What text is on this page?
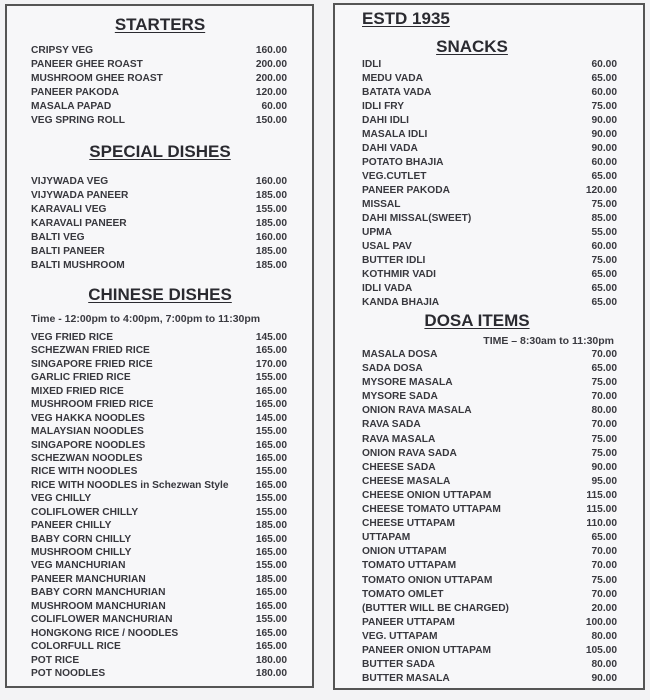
STARTERS
CRIPSY VEG	160.00
PANEER GHEE ROAST	200.00
MUSHROOM GHEE ROAST	200.00
PANEER PAKODA	120.00
MASALA PAPAD	60.00
VEG SPRING ROLL	150.00
SPECIAL DISHES
VIJYWADA VEG	160.00
VIJYWADA PANEER	185.00
KARAVALI VEG	155.00
KARAVALI PANEER	185.00
BALTI VEG	160.00
BALTI PANEER	185.00
BALTI MUSHROOM	185.00
CHINESE DISHES
Time - 12:00pm to 4:00pm, 7:00pm to 11:30pm
VEG FRIED RICE	145.00
SCHEZWAN FRIED RICE	165.00
SINGAPORE FRIED RICE	170.00
GARLIC FRIED RICE	155.00
MIXED FRIED RICE	165.00
MUSHROOM FRIED RICE	165.00
VEG HAKKA NOODLES	145.00
MALAYSIAN NOODLES	155.00
SINGAPORE NOODLES	165.00
SCHEZWAN NOODLES	165.00
RICE WITH NOODLES	155.00
RICE WITH NOODLES in Schezwan Style	165.00
VEG CHILLY	155.00
COLIFLOWER CHILLY	155.00
PANEER CHILLY	185.00
BABY CORN CHILLY	165.00
MUSHROOM CHILLY	165.00
VEG MANCHURIAN	155.00
PANEER MANCHURIAN	185.00
BABY CORN MANCHURIAN	165.00
MUSHROOM MANCHURIAN	165.00
COLIFLOWER MANCHURIAN	155.00
HONGKONG RICE / NOODLES	165.00
COLORFULL RICE	165.00
POT RICE	180.00
POT NOODLES	180.00
ESTD 1935
SNACKS
IDLI	60.00
MEDU VADA	65.00
BATATA VADA	60.00
IDLI FRY	75.00
DAHI IDLI	90.00
MASALA IDLI	90.00
DAHI VADA	90.00
POTATO BHAJIA	60.00
VEG.CUTLET	65.00
PANEER PAKODA	120.00
MISSAL	75.00
DAHI MISSAL(SWEET)	85.00
UPMA	55.00
USAL PAV	60.00
BUTTER IDLI	75.00
KOTHMIR VADI	65.00
IDLI VADA	65.00
KANDA BHAJIA	65.00
DOSA ITEMS
TIME – 8:30am to 11:30pm
MASALA DOSA	70.00
SADA DOSA	65.00
MYSORE MASALA	75.00
MYSORE SADA	70.00
ONION RAVA MASALA	80.00
RAVA SADA	70.00
RAVA MASALA	75.00
ONION RAVA SADA	75.00
CHEESE SADA	90.00
CHEESE MASALA	95.00
CHEESE ONION UTTAPAM	115.00
CHEESE TOMATO UTTAPAM	115.00
CHEESE UTTAPAM	110.00
UTTAPAM	65.00
ONION UTTAPAM	70.00
TOMATO UTTAPAM	70.00
TOMATO ONION UTTAPAM	75.00
TOMATO OMLET	70.00
(BUTTER WILL BE CHARGED)	20.00
PANEER UTTAPAM	100.00
VEG. UTTAPAM	80.00
PANEER ONION UTTAPAM	105.00
BUTTER SADA	80.00
BUTTER MASALA	90.00
